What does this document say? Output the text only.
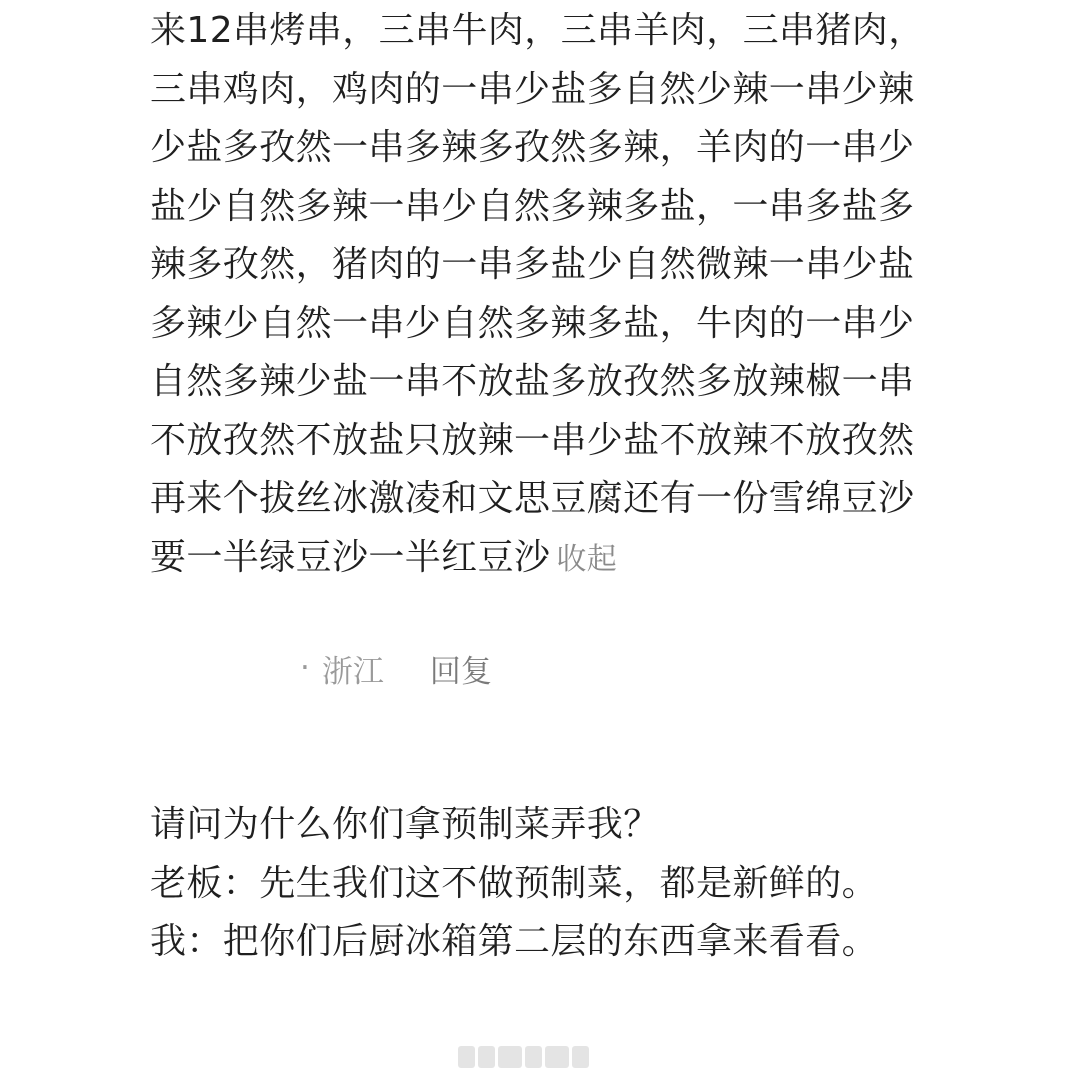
来12串烤串，三串牛肉，三串羊肉，三串猪肉，三串鸡肉，鸡肉的一串少盐多自然少辣一串少辣少盐多孜然一串多辣多孜然多辣，羊肉的一串少盐少自然多辣一串少自然多辣多盐，一串多盐多辣多孜然，猪肉的一串多盐少自然微辣一串少盐多辣少自然一串少自然多辣多盐，牛肉的一串少自然多辣少盐一串不放盐多放孜然多放辣椒一串不放孜然不放盐只放辣一串少盐不放辣不放孜然再来个拔丝冰激凌和文思豆腐还有一份雪绵豆沙要一半绿豆沙一半红豆沙 收起
· 浙江 回复
请问为什么你们拿预制菜弄我？
老板：先生我们这不做预制菜，都是新鲜的。
我：把你们后厨冰箱第二层的东西拿来看看。
